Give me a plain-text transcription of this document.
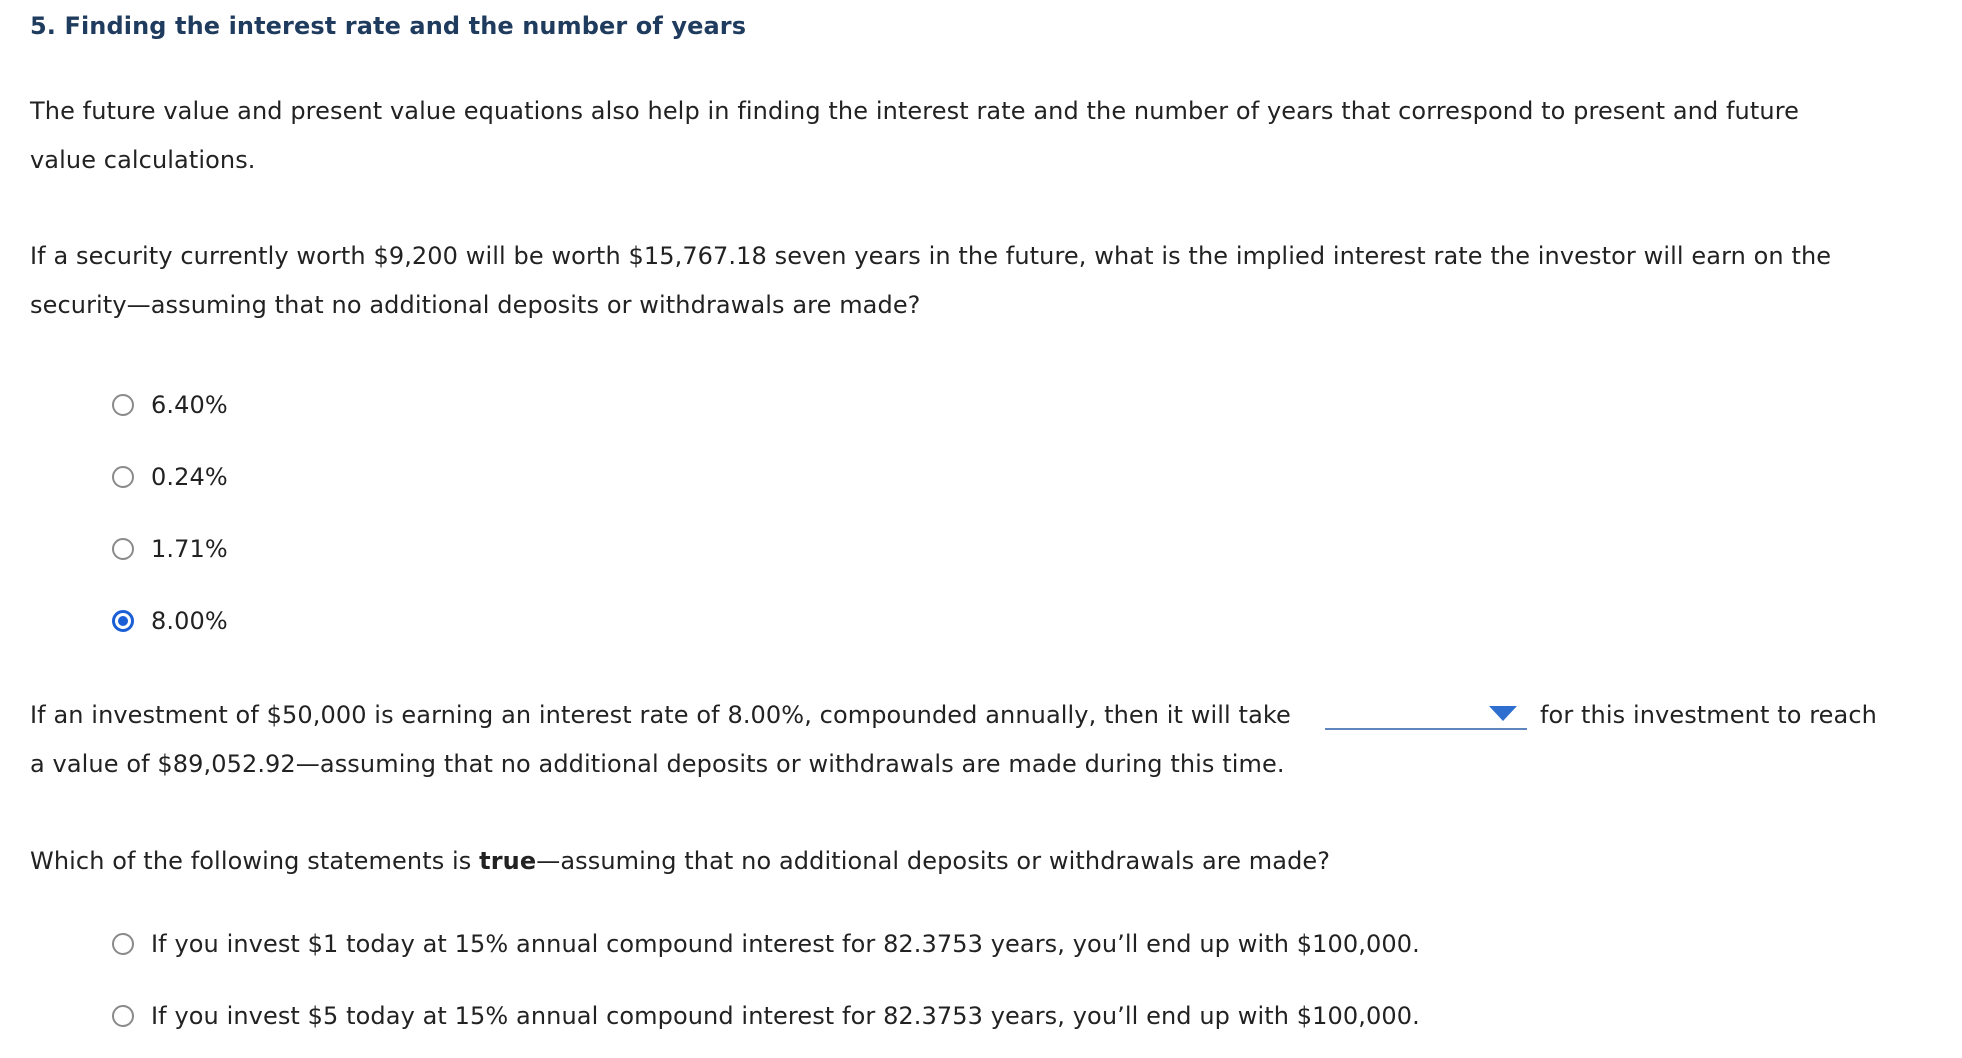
5. Finding the interest rate and the number of years
The future value and present value equations also help in finding the interest rate and the number of years that correspond to present and future
value calculations.
If a security currently worth $9,200 will be worth $15,767.18 seven years in the future, what is the implied interest rate the investor will earn on the
security—assuming that no additional deposits or withdrawals are made?
6.40%
0.24%
1.71%
8.00%
If an investment of $50,000 is earning an interest rate of 8.00%, compounded annually, then it will take	for this investment to reach
a value of $89,052.92—assuming that no additional deposits or withdrawals are made during this time.
Which of the following statements is true—assuming that no additional deposits or withdrawals are made?
If you invest $1 today at 15% annual compound interest for 82.3753 years, you’ll end up with $100,000.
If you invest $5 today at 15% annual compound interest for 82.3753 years, you’ll end up with $100,000.
